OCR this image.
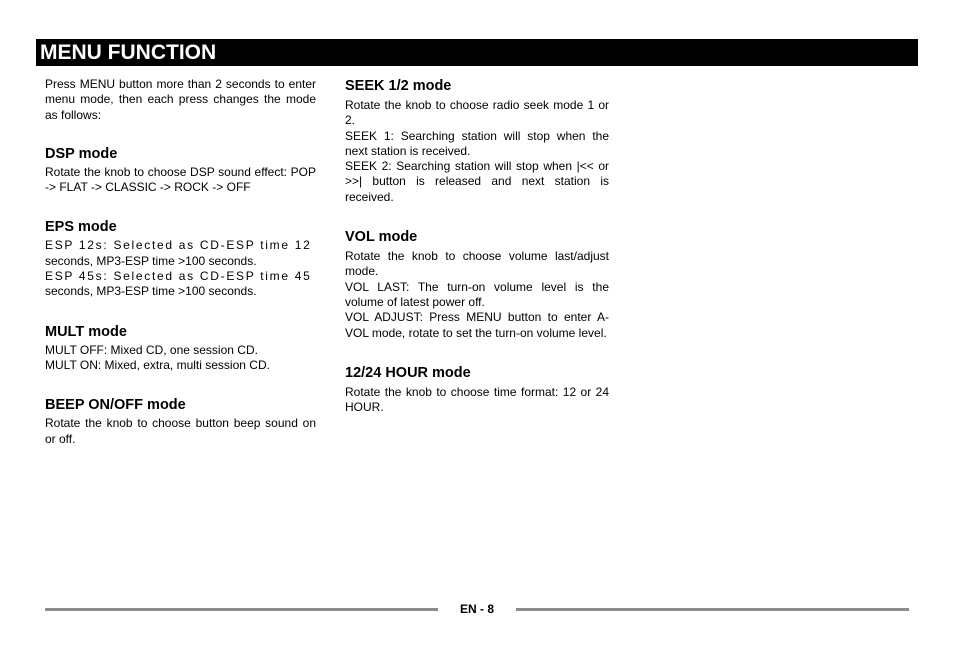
MENU FUNCTION

Press MENU button more than 2 seconds to enter menu mode, then each press changes the mode as follows:

DSP mode

Rotate the knob to choose DSP sound effect: POP -> FLAT -> CLASSIC -> ROCK -> OFF

EPS mode

ESP 12s: Selected as CD-ESP time 12

seconds, MP3-ESP time >100 seconds.

ESP 45s: Selected as CD-ESP time 45

seconds, MP3-ESP time >100 seconds.

MULT mode

MULT OFF: Mixed CD, one session CD.

MULT ON: Mixed, extra, multi session CD.

BEEP ON/OFF mode

Rotate the knob to choose button beep sound on or off.

SEEK 1/2 mode

Rotate the knob to choose radio seek mode 1 or 2.

SEEK 1: Searching station will stop when the next station is received.

SEEK 2: Searching station will stop when |<< or >>| button is released and next station is received.

VOL mode

Rotate the knob to choose volume last/adjust mode.

VOL LAST: The turn-on volume level is the volume of latest power off.

VOL ADJUST: Press MENU button to enter A-VOL mode, rotate to set the turn-on volume level.

12/24 HOUR mode

Rotate the knob to choose time format: 12 or 24 HOUR.

EN - 8
